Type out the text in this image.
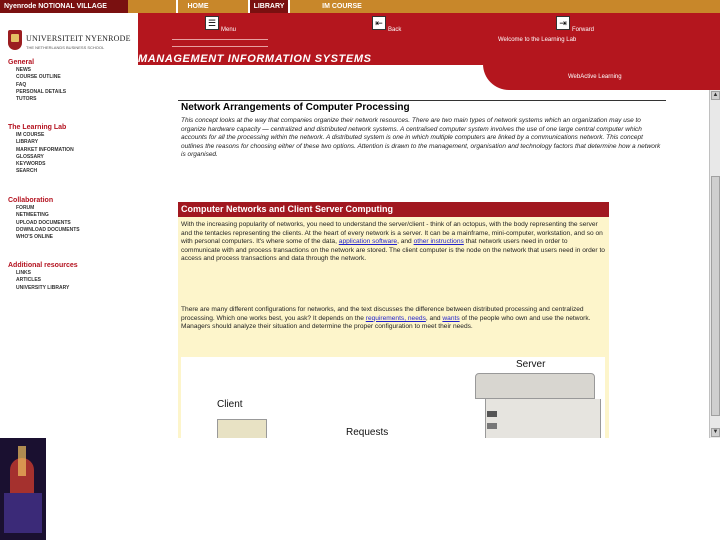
Nyenrode NOTIONAL VILLAGE	HOME	LIBRARY	IM COURSE
UNIVERSITEIT NYENRODE
THE NETHERLANDS BUSINESS SCHOOL
General
NEWS
COURSE OUTLINE
FAQ
PERSONAL DETAILS
TUTORS
The Learning Lab
IM COURSE
LIBRARY
MARKET INFORMATION
GLOSSARY
KEYWORDS
SEARCH
Collaboration
FORUM
NETMEETING
UPLOAD DOCUMENTS
DOWNLOAD DOCUMENTS
WHO'S ONLINE
Additional resources
LINKS
ARTICLES
UNIVERSITY LIBRARY
MANAGEMENT INFORMATION SYSTEMS
☰
Menu
⇤
Back
⇥
Forward
Welcome to the Learning Lab
WebActive Learning
Network Arrangements of Computer Processing
This concept looks at the way that companies organize their network resources. There are two main types of network systems which an organization may use to organize hardware capacity — centralized and distributed network systems. A centralised computer system involves the use of one large central computer which accounts for all the processing within the network. A distributed system is one in which multiple computers are linked by a communications network. This concept outlines the reasons for choosing either of these two options. Attention is drawn to the management, organisation and technology factors that determine how a network is organised.
Computer Networks and Client Server Computing

With the increasing popularity of networks, you need to understand the server/client - think of an octopus, with the body representing the server and the tentacles representing the clients. At the heart of every network is a server. It can be a mainframe, mini-computer, workstation, and so on with personal computers. It's where some of the data, application software, and other instructions that network users need in order to communicate with and process transactions on the network are stored. The client computer is the node on the network that users need in order to access and process transactions and data through the network.

There are many different configurations for networks, and the text discusses the difference between distributed processing and centralized processing. Which one works best, you ask? It depends on the requirements, needs, and wants of the people who own and use the network. Managers should analyze their situation and determine the proper configuration to meet their needs.

Server
Client
Requests
▲
▼
